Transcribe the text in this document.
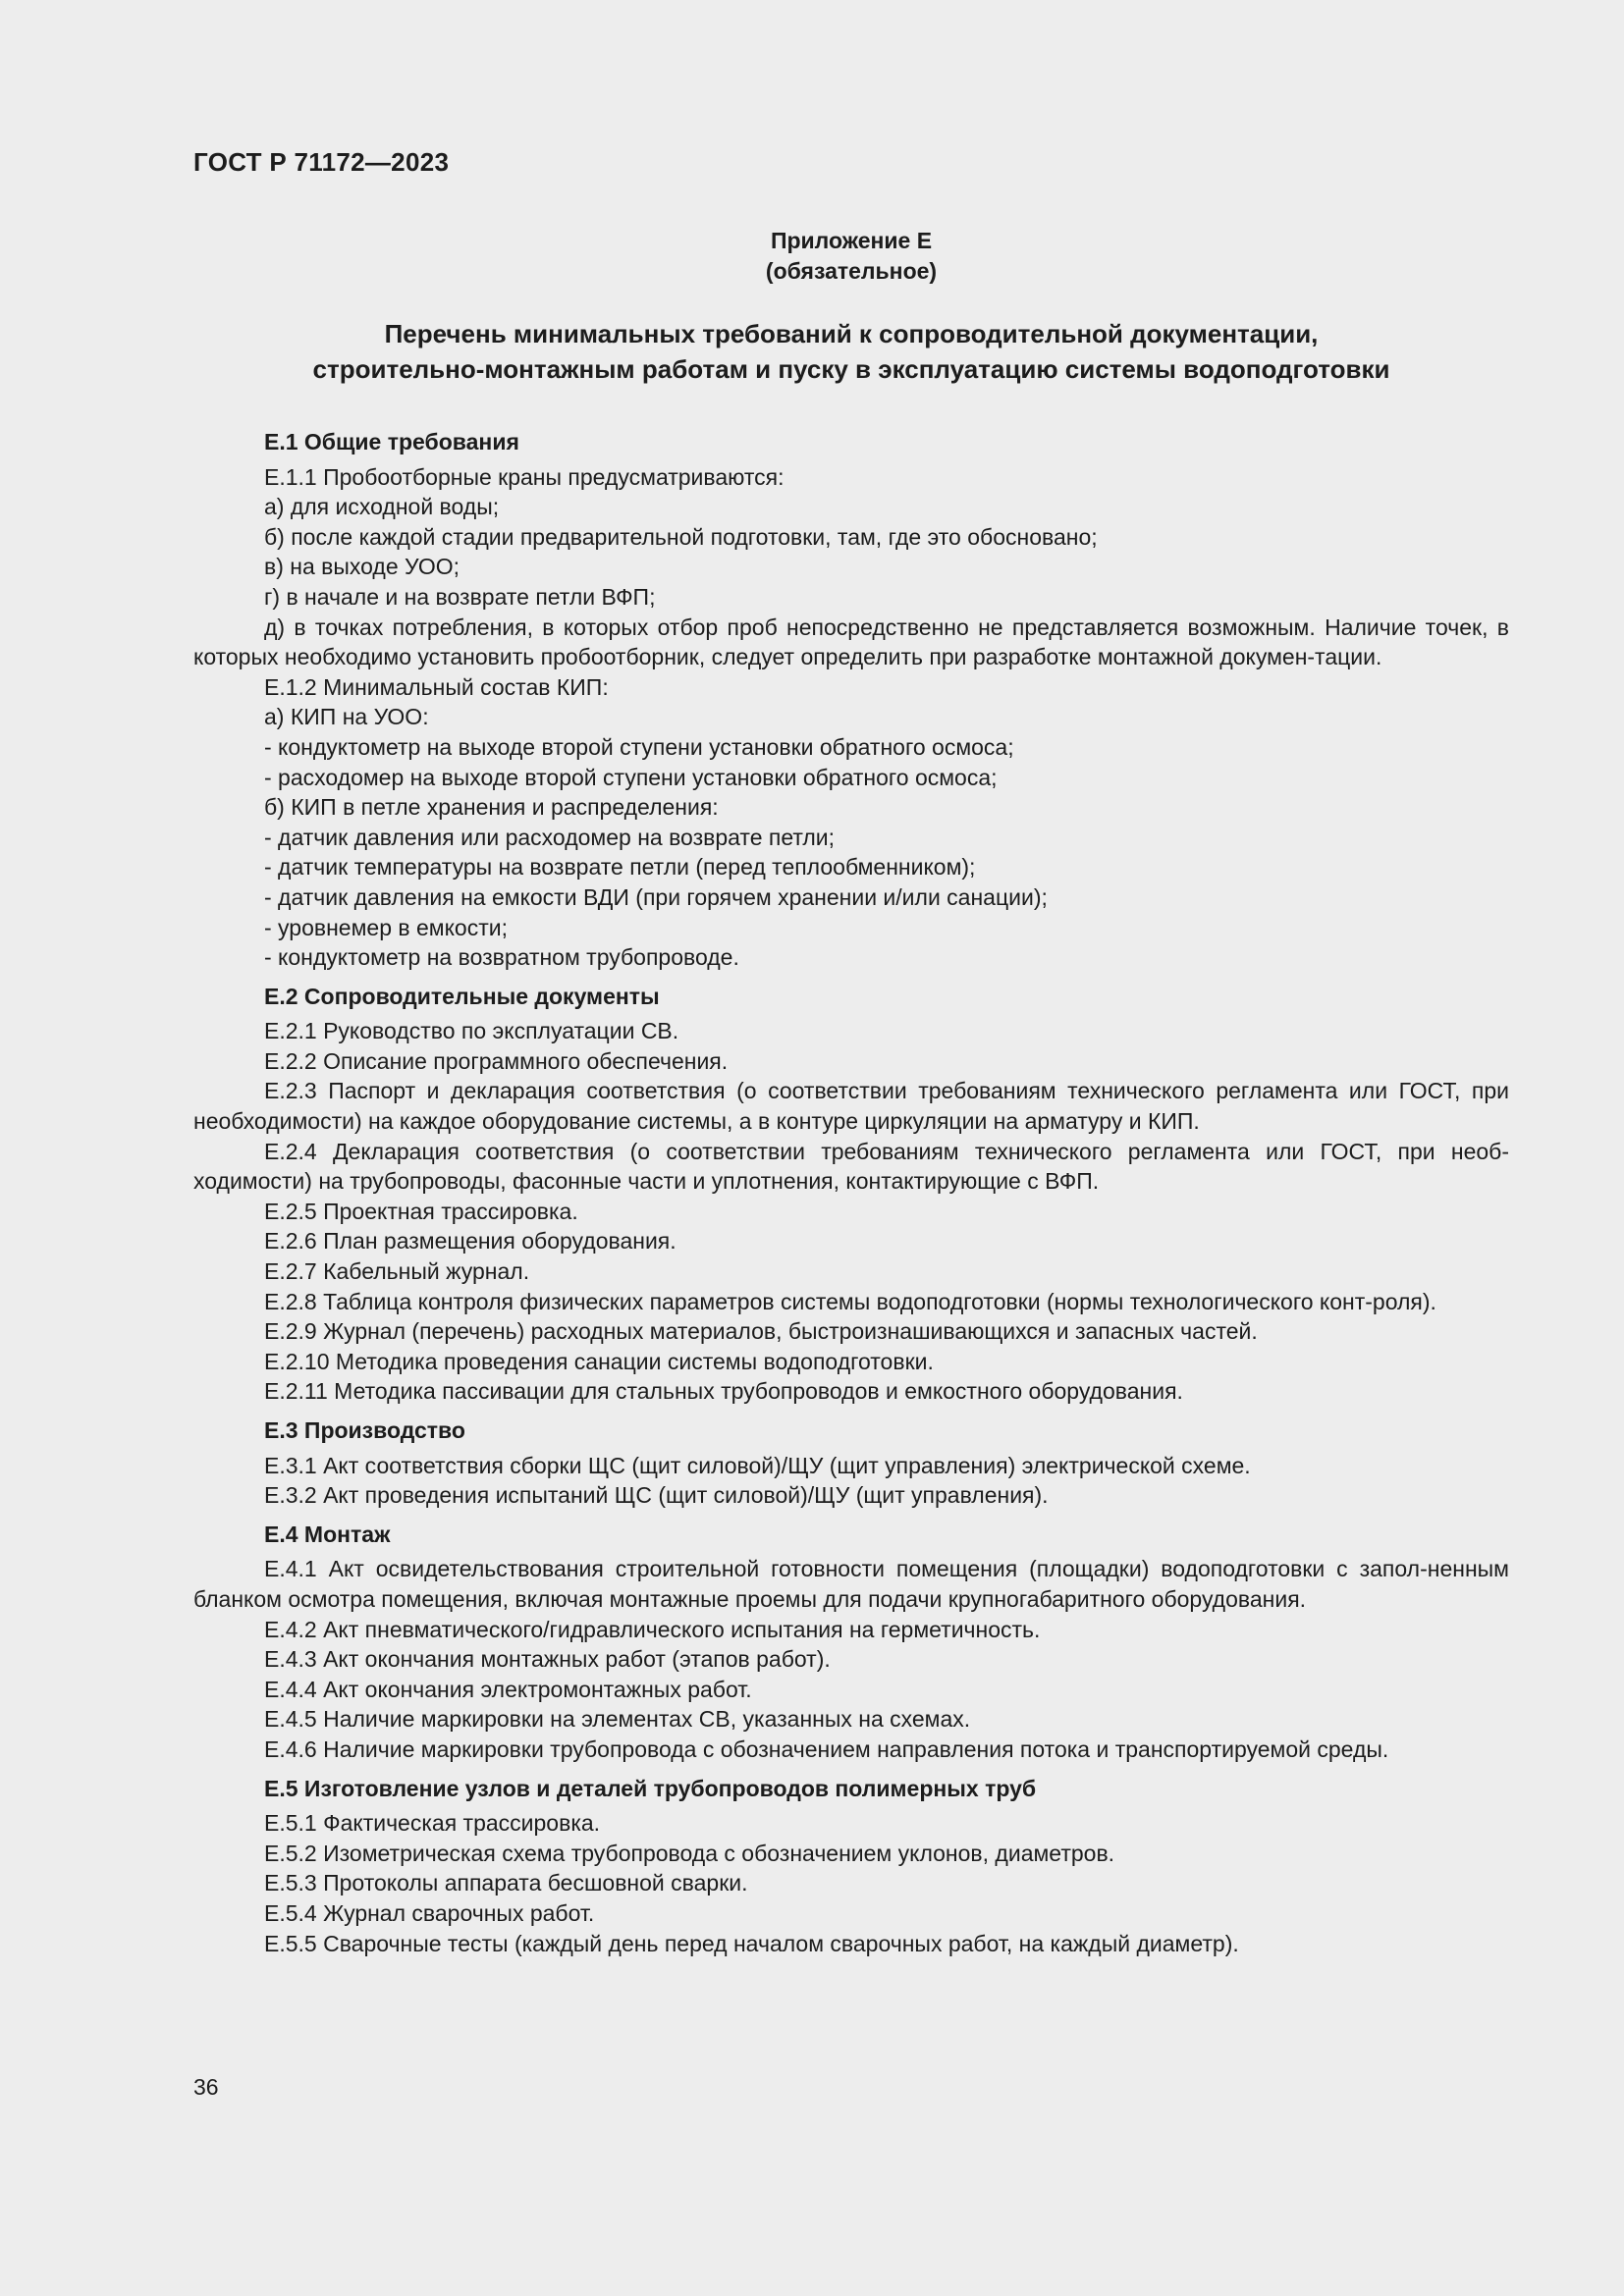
ГОСТ Р 71172—2023
Приложение Е
(обязательное)
Перечень минимальных требований к сопроводительной документации,
строительно-монтажным работам и пуску в эксплуатацию системы водоподготовки

Е.1 Общие требования

Е.1.1 Пробоотборные краны предусматриваются:

а) для исходной воды;

б) после каждой стадии предварительной подготовки, там, где это обосновано;

в) на выходе УОО;

г) в начале и на возврате петли ВФП;

д) в точках потребления, в которых отбор проб непосредственно не представляется возможным. Наличие точек, в которых необходимо установить пробоотборник, следует определить при разработке монтажной докумен-тации.

Е.1.2 Минимальный состав КИП:

а) КИП на УОО:

- кондуктометр на выходе второй ступени установки обратного осмоса;

- расходомер на выходе второй ступени установки обратного осмоса;

б) КИП в петле хранения и распределения:

- датчик давления или расходомер на возврате петли;

- датчик температуры на возврате петли (перед теплообменником);

- датчик давления на емкости ВДИ (при горячем хранении и/или санации);

- уровнемер в емкости;

- кондуктометр на возвратном трубопроводе.

Е.2 Сопроводительные документы

Е.2.1 Руководство по эксплуатации СВ.

Е.2.2 Описание программного обеспечения.

Е.2.3 Паспорт и декларация соответствия (о соответствии требованиям технического регламента или ГОСТ, при необходимости) на каждое оборудование системы, а в контуре циркуляции на арматуру и КИП.

Е.2.4 Декларация соответствия (о соответствии требованиям технического регламента или ГОСТ, при необ-ходимости) на трубопроводы, фасонные части и уплотнения, контактирующие с ВФП.

Е.2.5 Проектная трассировка.

Е.2.6 План размещения оборудования.

Е.2.7 Кабельный журнал.

Е.2.8 Таблица контроля физических параметров системы водоподготовки (нормы технологического конт-роля).

Е.2.9 Журнал (перечень) расходных материалов, быстроизнашивающихся и запасных частей.

Е.2.10 Методика проведения санации системы водоподготовки.

Е.2.11 Методика пассивации для стальных трубопроводов и емкостного оборудования.

Е.3 Производство

Е.3.1 Акт соответствия сборки ЩС (щит силовой)/ЩУ (щит управления) электрической схеме.

Е.3.2 Акт проведения испытаний ЩС (щит силовой)/ЩУ (щит управления).

Е.4 Монтаж

Е.4.1 Акт освидетельствования строительной готовности помещения (площадки) водоподготовки с запол-ненным бланком осмотра помещения, включая монтажные проемы для подачи крупногабаритного оборудования.

Е.4.2 Акт пневматического/гидравлического испытания на герметичность.

Е.4.3 Акт окончания монтажных работ (этапов работ).

Е.4.4 Акт окончания электромонтажных работ.

Е.4.5 Наличие маркировки на элементах СВ, указанных на схемах.

Е.4.6 Наличие маркировки трубопровода с обозначением направления потока и транспортируемой среды.

Е.5 Изготовление узлов и деталей трубопроводов полимерных труб

Е.5.1 Фактическая трассировка.

Е.5.2 Изометрическая схема трубопровода с обозначением уклонов, диаметров.

Е.5.3 Протоколы аппарата бесшовной сварки.

Е.5.4 Журнал сварочных работ.

Е.5.5 Сварочные тесты (каждый день перед началом сварочных работ, на каждый диаметр).

36
